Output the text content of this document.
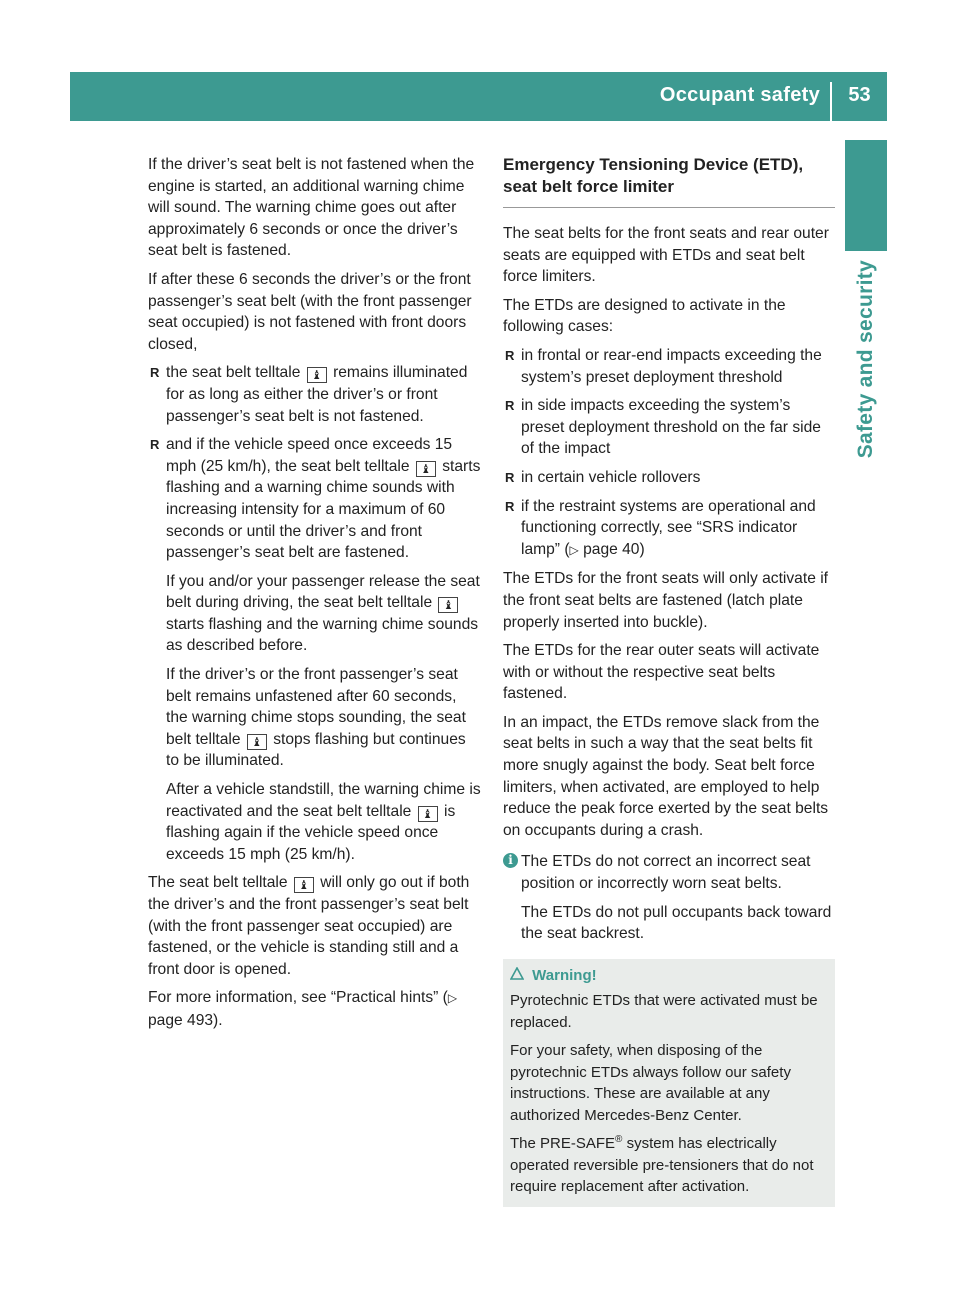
Occupant safety	53
Safety and security

If the driver’s seat belt is not fastened when the engine is started, an additional warning chime will sound. The warning chime goes out after approximately 6 seconds or once the driver’s seat belt is fastened.

If after these 6 seconds the driver’s or the front passenger’s seat belt (with the front passenger seat occupied) is not fastened with front doors closed,

R the seat belt telltale ♝ remains illuminated for as long as either the driver’s or front passenger’s seat belt is not fastened.
R and if the vehicle speed once exceeds 15 mph (25 km/h), the seat belt telltale ♝ starts flashing and a warning chime sounds with increasing intensity for a maximum of 60 seconds or until the driver’s and front passenger’s seat belt are fastened.
If you and/or your passenger release the seat belt during driving, the seat belt telltale ♝ starts flashing and the warning chime sounds as described before.
If the driver’s or the front passenger’s seat belt remains unfastened after 60 seconds, the warning chime stops sounding, the seat belt telltale ♝ stops flashing but continues to be illuminated.
After a vehicle standstill, the warning chime is reactivated and the seat belt telltale ♝ is flashing again if the vehicle speed once exceeds 15 mph (25 km/h).

The seat belt telltale ♝ will only go out if both the driver’s and the front passenger’s seat belt (with the front passenger seat occupied) are fastened, or the vehicle is standing still and a front door is opened.

For more information, see “Practical hints” (▷ page 493).

Emergency Tensioning Device (ETD), seat belt force limiter

The seat belts for the front seats and rear outer seats are equipped with ETDs and seat belt force limiters.

The ETDs are designed to activate in the following cases:

R in frontal or rear-end impacts exceeding the system’s preset deployment threshold
R in side impacts exceeding the system’s preset deployment threshold on the far side of the impact
R in certain vehicle rollovers
R if the restraint systems are operational and functioning correctly, see “SRS indicator lamp” (▷ page 40)

The ETDs for the front seats will only activate if the front seat belts are fastened (latch plate properly inserted into buckle).

The ETDs for the rear outer seats will activate with or without the respective seat belts fastened.

In an impact, the ETDs remove slack from the seat belts in such a way that the seat belts fit more snugly against the body. Seat belt force limiters, when activated, are employed to help reduce the peak force exerted by the seat belts on occupants during a crash.

i The ETDs do not correct an incorrect seat position or incorrectly worn seat belts.
The ETDs do not pull occupants back toward the seat backrest.
Warning!

Pyrotechnic ETDs that were activated must be replaced.

For your safety, when disposing of the pyrotechnic ETDs always follow our safety instructions. These are available at any authorized Mercedes-Benz Center.

The PRE-SAFE® system has electrically operated reversible pre-tensioners that do not require replacement after activation.
